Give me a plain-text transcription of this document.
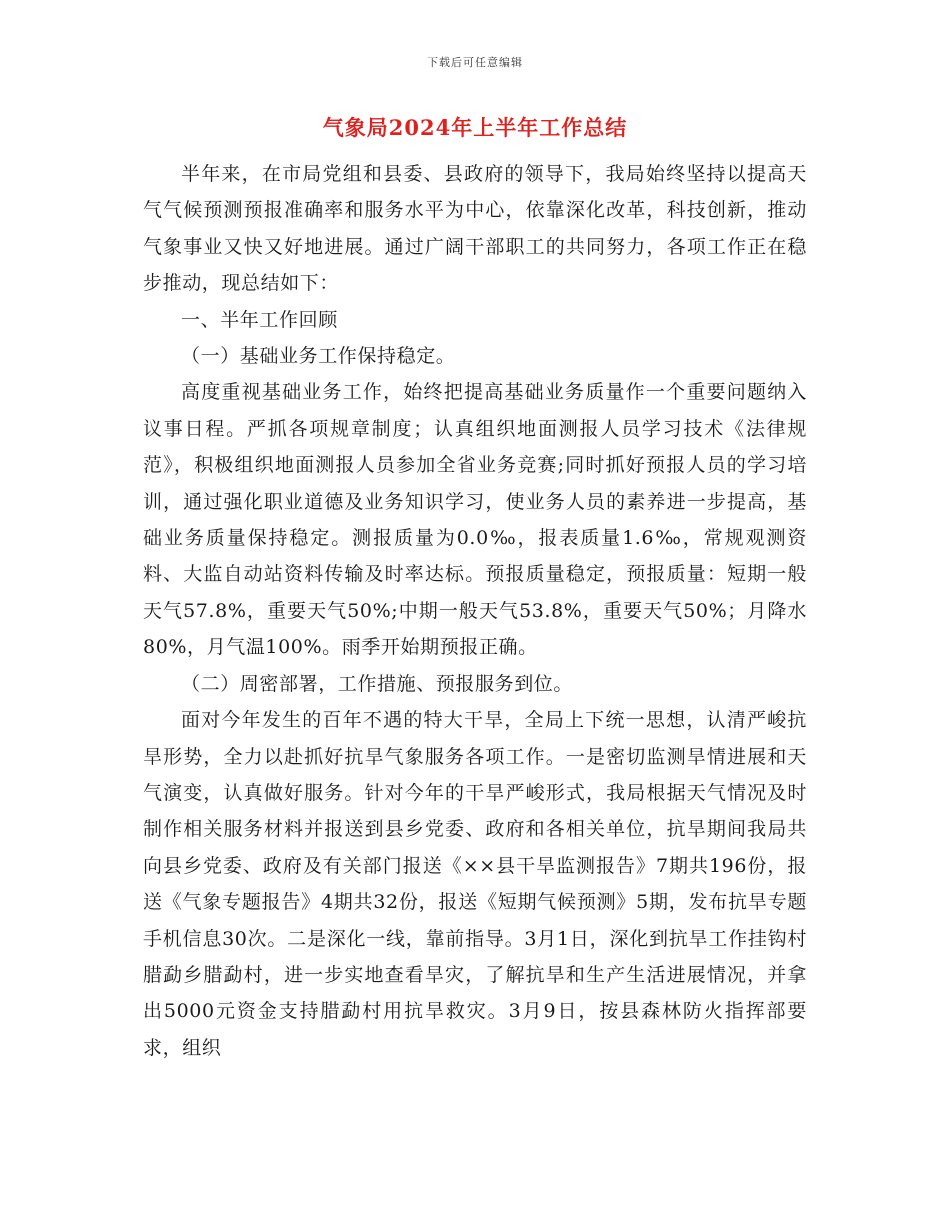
下载后可任意编辑
气象局2024年上半年工作总结

半年来，在市局党组和县委、县政府的领导下，我局始终坚持以提高天气气候预测预报准确率和服务水平为中心，依靠深化改革，科技创新，推动气象事业又快又好地进展。通过广阔干部职工的共同努力，各项工作正在稳步推动，现总结如下：

一、半年工作回顾

（一）基础业务工作保持稳定。

高度重视基础业务工作，始终把提高基础业务质量作一个重要问题纳入议事日程。严抓各项规章制度；认真组织地面测报人员学习技术《法律规范》，积极组织地面测报人员参加全省业务竞赛;同时抓好预报人员的学习培训，通过强化职业道德及业务知识学习，使业务人员的素养进一步提高，基础业务质量保持稳定。测报质量为0.0‰，报表质量1.6‰，常规观测资料、大监自动站资料传输及时率达标。预报质量稳定，预报质量：短期一般天气57.8%，重要天气50%;中期一般天气53.8%，重要天气50%；月降水80%，月气温100%。雨季开始期预报正确。

（二）周密部署，工作措施、预报服务到位。

面对今年发生的百年不遇的特大干旱，全局上下统一思想，认清严峻抗旱形势，全力以赴抓好抗旱气象服务各项工作。一是密切监测旱情进展和天气演变，认真做好服务。针对今年的干旱严峻形式，我局根据天气情况及时制作相关服务材料并报送到县乡党委、政府和各相关单位，抗旱期间我局共向县乡党委、政府及有关部门报送《××县干旱监测报告》7期共196份，报送《气象专题报告》4期共32份，报送《短期气候预测》5期，发布抗旱专题手机信息30次。二是深化一线，靠前指导。3月1日，深化到抗旱工作挂钩村腊勐乡腊勐村，进一步实地查看旱灾，了解抗旱和生产生活进展情况，并拿出5000元资金支持腊勐村用抗旱救灾。3月9日，按县森林防火指挥部要求，组织
